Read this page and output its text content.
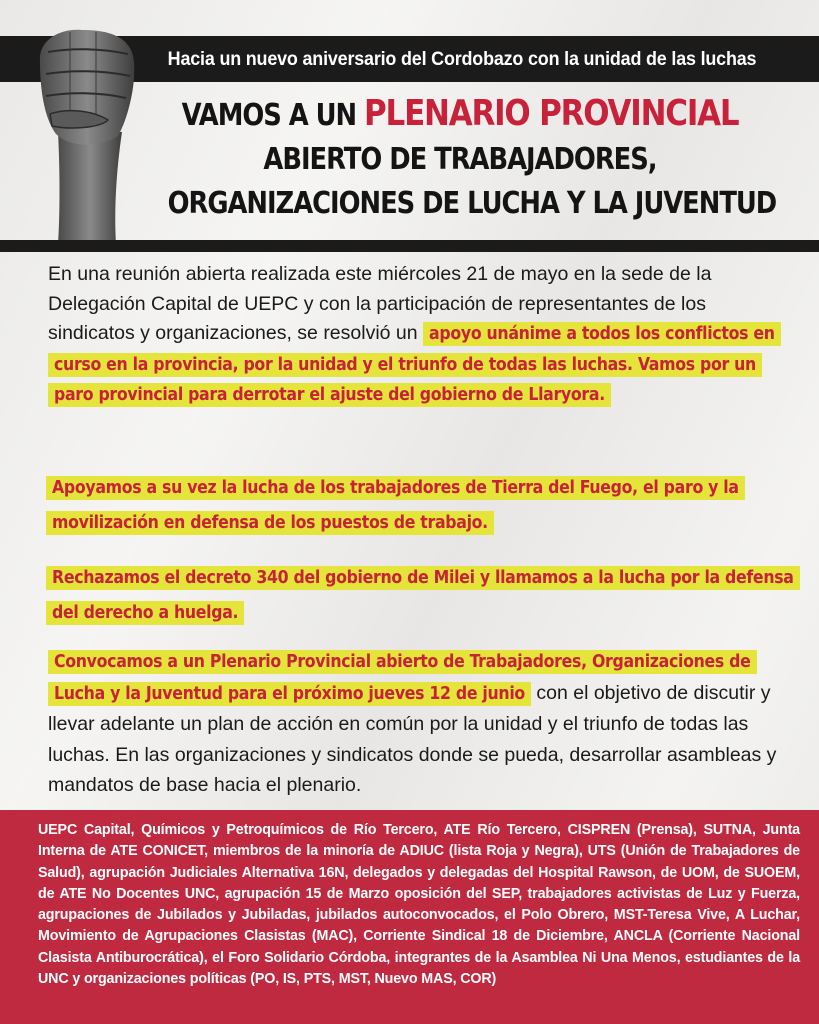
Hacia un nuevo aniversario del Cordobazo con la unidad de las luchas
VAMOS A UN PLENARIO PROVINCIAL
ABIERTO DE TRABAJADORES,
ORGANIZACIONES DE LUCHA Y LA JUVENTUD
En una reunión abierta realizada este miércoles 21 de mayo en la sede de la Delegación Capital de UEPC y con la participación de representantes de los sindicatos y organizaciones, se resolvió un apoyo unánime a todos los conflictos en curso en la provincia, por la unidad y el triunfo de todas las luchas. Vamos por un paro provincial para derrotar el ajuste del gobierno de Llaryora.
Apoyamos a su vez la lucha de los trabajadores de Tierra del Fuego, el paro y la movilización en defensa de los puestos de trabajo.
Rechazamos el decreto 340 del gobierno de Milei y llamamos a la lucha por la defensa del derecho a huelga.
Convocamos a un Plenario Provincial abierto de Trabajadores, Organizaciones de Lucha y la Juventud para el próximo jueves 12 de junio con el objetivo de discutir y llevar adelante un plan de acción en común por la unidad y el triunfo de todas las luchas. En las organizaciones y sindicatos donde se pueda, desarrollar asambleas y mandatos de base hacia el plenario.
UEPC Capital, Químicos y Petroquímicos de Río Tercero, ATE Río Tercero, CISPREN (Prensa), SUTNA, Junta Interna de ATE CONICET, miembros de la minoría de ADIUC (lista Roja y Negra), UTS (Unión de Trabajadores de Salud), agrupación Judiciales Alternativa 16N, delegados y delegadas del Hospital Rawson, de UOM, de SUOEM, de ATE No Docentes UNC, agrupación 15 de Marzo oposición del SEP, trabajadores activistas de Luz y Fuerza, agrupaciones de Jubilados y Jubiladas, jubilados autoconvocados, el Polo Obrero, MST-Teresa Vive, A Luchar, Movimiento de Agrupaciones Clasistas (MAC), Corriente Sindical 18 de Diciembre, ANCLA (Corriente Nacional Clasista Antiburocrática), el Foro Solidario Córdoba, integrantes de la Asamblea Ni Una Menos, estudiantes de la UNC y organizaciones políticas (PO, IS, PTS, MST, Nuevo MAS, COR)
